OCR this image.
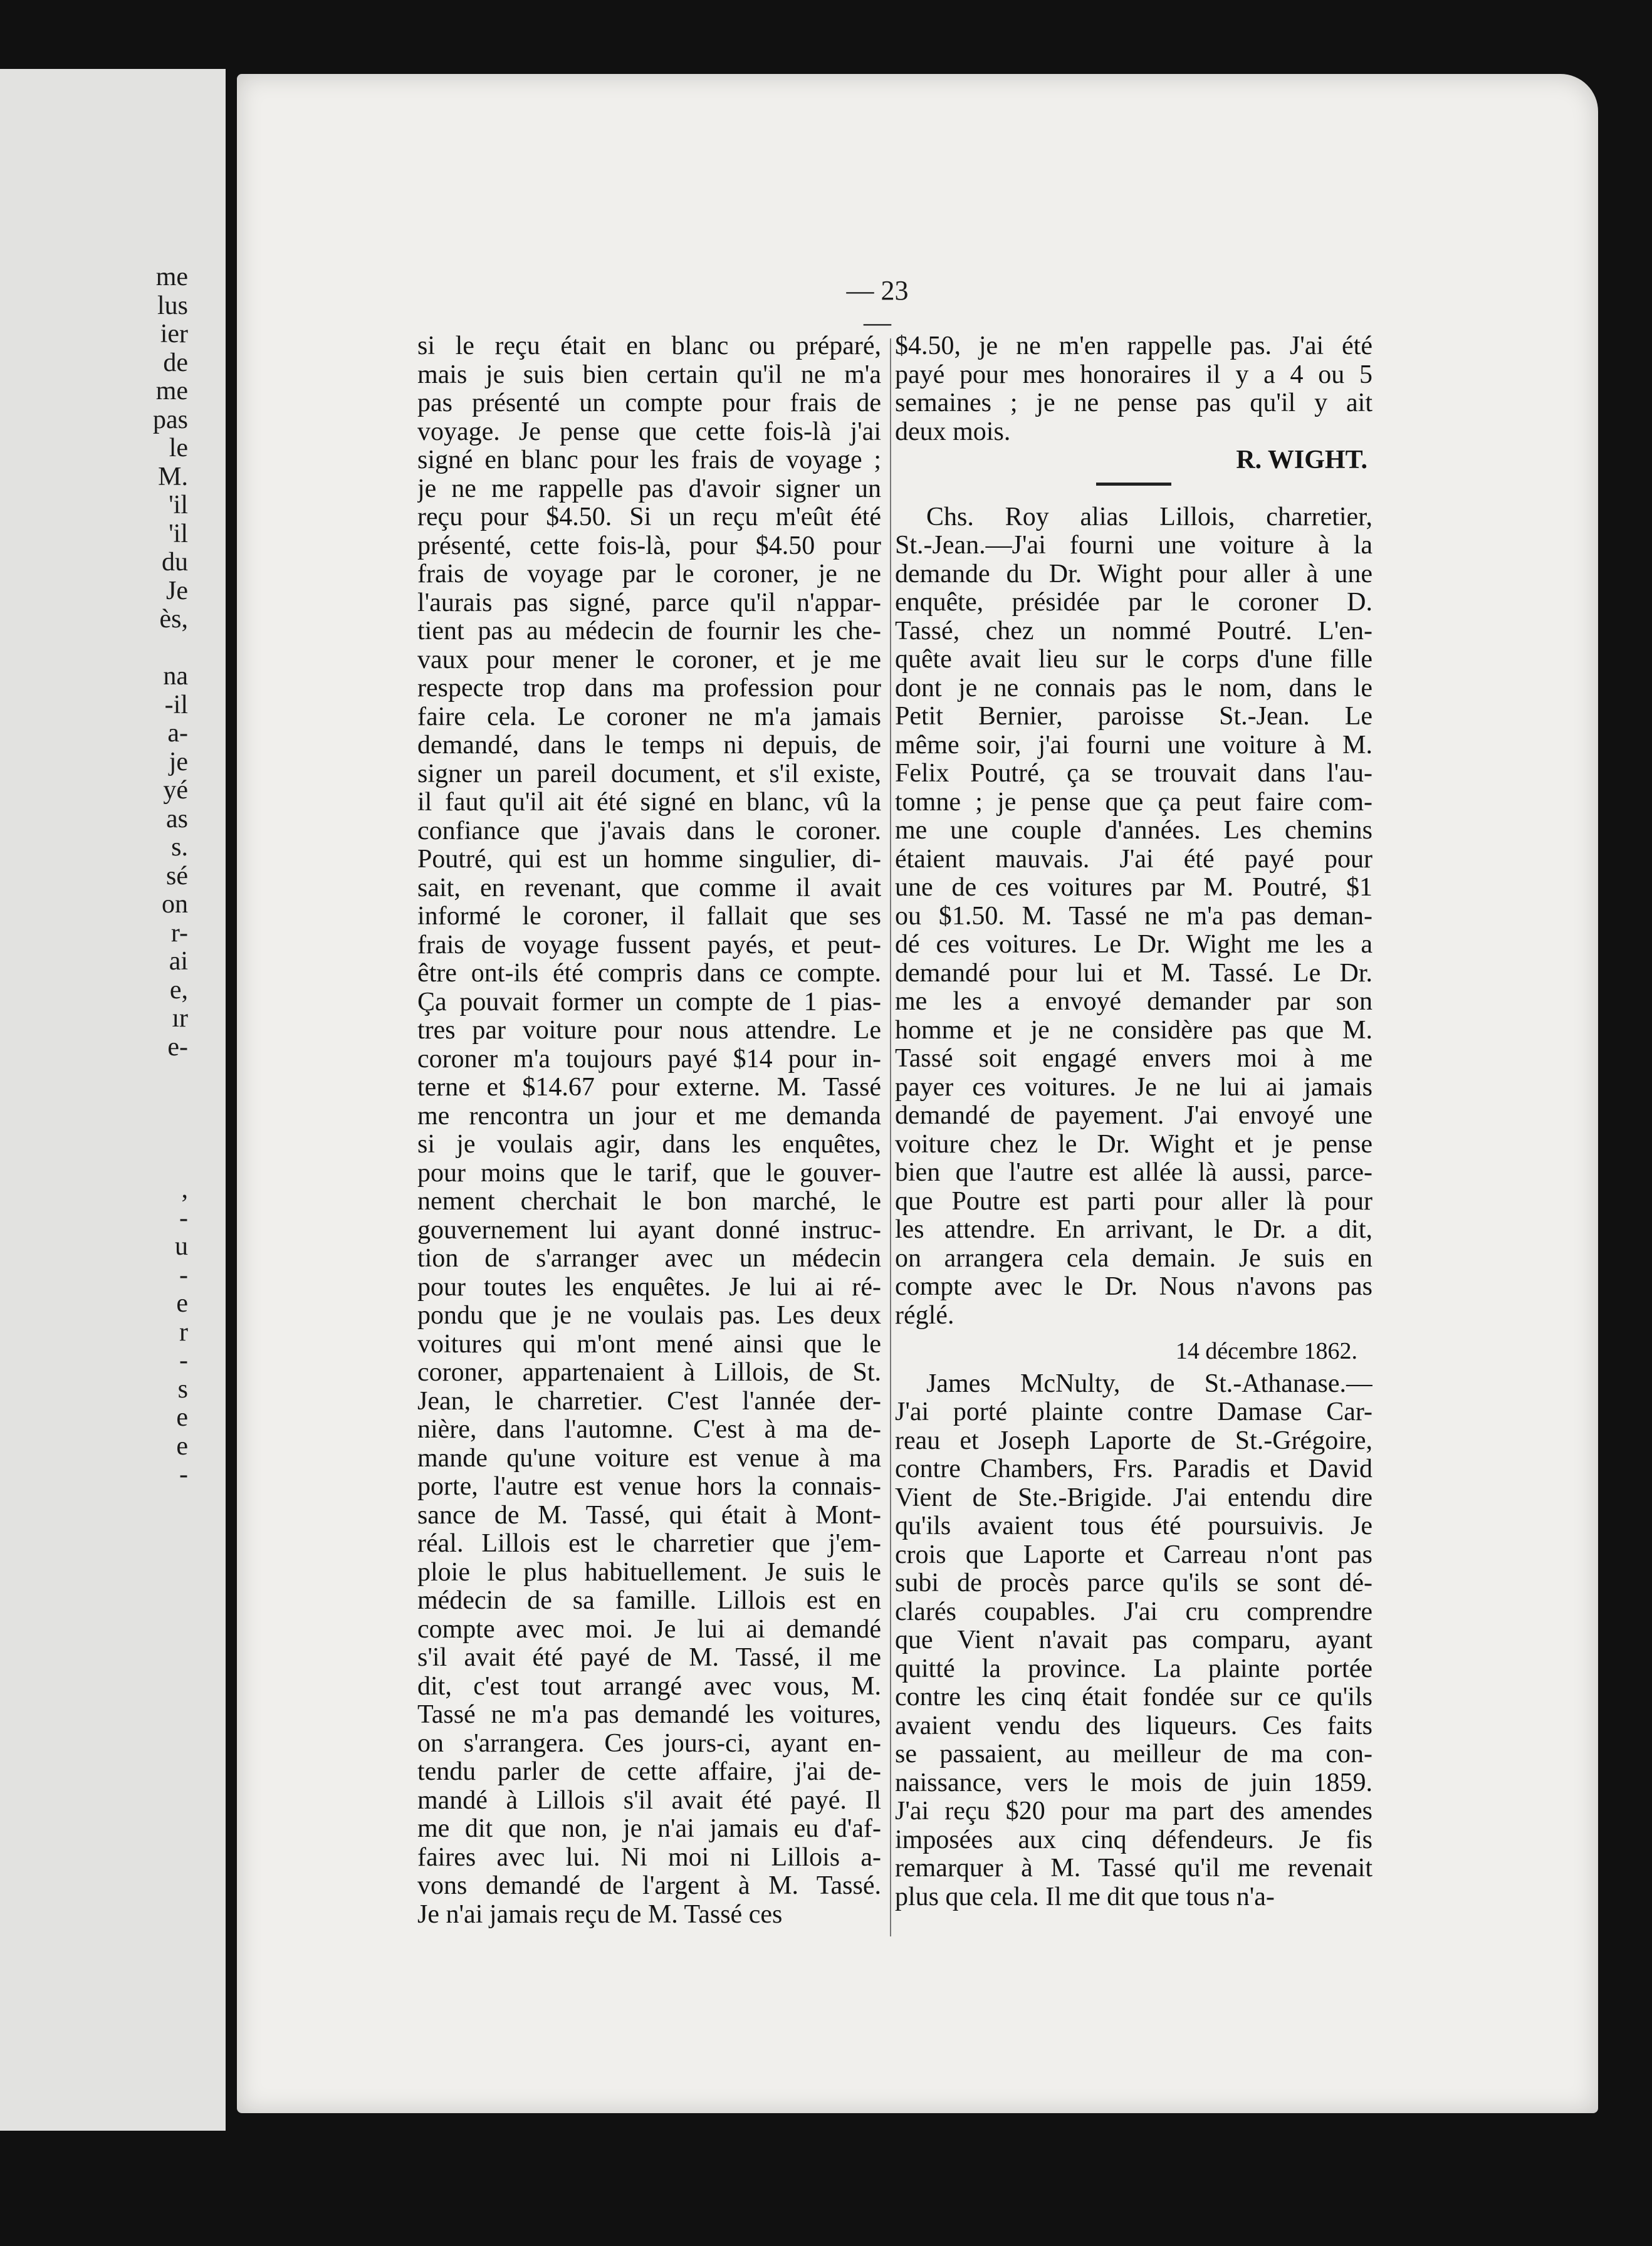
me
lus
ier
de
me
pas
le
M.
'il
'il
du
Je
ès,
na
-il
a-
je
yé
as
s.
sé
on
r-
ai
e,
ır
e-
,
-
u
-
e
r
-
s
e
e
-
— 23 —
si le reçu était en blanc ou préparé,
mais je suis bien certain qu'il ne m'a
pas présenté un compte pour frais de
voyage. Je pense que cette fois-là j'ai
signé en blanc pour les frais de voyage ;
je ne me rappelle pas d'avoir signer un
reçu pour $4.50. Si un reçu m'eût été
présenté, cette fois-là, pour $4.50 pour
frais de voyage par le coroner, je ne
l'aurais pas signé, parce qu'il n'appar-
tient pas au médecin de fournir les che-
vaux pour mener le coroner, et je me
respecte trop dans ma profession pour
faire cela. Le coroner ne m'a jamais
demandé, dans le temps ni depuis, de
signer un pareil document, et s'il existe,
il faut qu'il ait été signé en blanc, vû la
confiance que j'avais dans le coroner.
Poutré, qui est un homme singulier, di-
sait, en revenant, que comme il avait
informé le coroner, il fallait que ses
frais de voyage fussent payés, et peut-
être ont-ils été compris dans ce compte.
Ça pouvait former un compte de 1 pias-
tres par voiture pour nous attendre. Le
coroner m'a toujours payé $14 pour in-
terne et $14.67 pour externe. M. Tassé
me rencontra un jour et me demanda
si je voulais agir, dans les enquêtes,
pour moins que le tarif, que le gouver-
nement cherchait le bon marché, le
gouvernement lui ayant donné instruc-
tion de s'arranger avec un médecin
pour toutes les enquêtes. Je lui ai ré-
pondu que je ne voulais pas. Les deux
voitures qui m'ont mené ainsi que le
coroner, appartenaient à Lillois, de St.
Jean, le charretier. C'est l'année der-
nière, dans l'automne. C'est à ma de-
mande qu'une voiture est venue à ma
porte, l'autre est venue hors la connais-
sance de M. Tassé, qui était à Mont-
réal. Lillois est le charretier que j'em-
ploie le plus habituellement. Je suis le
médecin de sa famille. Lillois est en
compte avec moi. Je lui ai demandé
s'il avait été payé de M. Tassé, il me
dit, c'est tout arrangé avec vous, M.
Tassé ne m'a pas demandé les voitures,
on s'arrangera. Ces jours-ci, ayant en-
tendu parler de cette affaire, j'ai de-
mandé à Lillois s'il avait été payé. Il
me dit que non, je n'ai jamais eu d'af-
faires avec lui. Ni moi ni Lillois a-
vons demandé de l'argent à M. Tassé.
Je n'ai jamais reçu de M. Tassé ces
$4.50, je ne m'en rappelle pas. J'ai été
payé pour mes honoraires il y a 4 ou 5
semaines ; je ne pense pas qu'il y ait
deux mois.
R. WIGHT.
Chs. Roy alias Lillois, charretier,
St.-Jean.—J'ai fourni une voiture à la
demande du Dr. Wight pour aller à une
enquête, présidée par le coroner D.
Tassé, chez un nommé Poutré. L'en-
quête avait lieu sur le corps d'une fille
dont je ne connais pas le nom, dans le
Petit Bernier, paroisse St.-Jean. Le
même soir, j'ai fourni une voiture à M.
Felix Poutré, ça se trouvait dans l'au-
tomne ; je pense que ça peut faire com-
me une couple d'années. Les chemins
étaient mauvais. J'ai été payé pour
une de ces voitures par M. Poutré, $1
ou $1.50. M. Tassé ne m'a pas deman-
dé ces voitures. Le Dr. Wight me les a
demandé pour lui et M. Tassé. Le Dr.
me les a envoyé demander par son
homme et je ne considère pas que M.
Tassé soit engagé envers moi à me
payer ces voitures. Je ne lui ai jamais
demandé de payement. J'ai envoyé une
voiture chez le Dr. Wight et je pense
bien que l'autre est allée là aussi, parce-
que Poutre est parti pour aller là pour
les attendre. En arrivant, le Dr. a dit,
on arrangera cela demain. Je suis en
compte avec le Dr. Nous n'avons pas
réglé.
14 décembre 1862.
James McNulty, de St.-Athanase.—
J'ai porté plainte contre Damase Car-
reau et Joseph Laporte de St.-Grégoire,
contre Chambers, Frs. Paradis et David
Vient de Ste.-Brigide. J'ai entendu dire
qu'ils avaient tous été poursuivis. Je
crois que Laporte et Carreau n'ont pas
subi de procès parce qu'ils se sont dé-
clarés coupables. J'ai cru comprendre
que Vient n'avait pas comparu, ayant
quitté la province. La plainte portée
contre les cinq était fondée sur ce qu'ils
avaient vendu des liqueurs. Ces faits
se passaient, au meilleur de ma con-
naissance, vers le mois de juin 1859.
J'ai reçu $20 pour ma part des amendes
imposées aux cinq défendeurs. Je fis
remarquer à M. Tassé qu'il me revenait
plus que cela. Il me dit que tous n'a-
